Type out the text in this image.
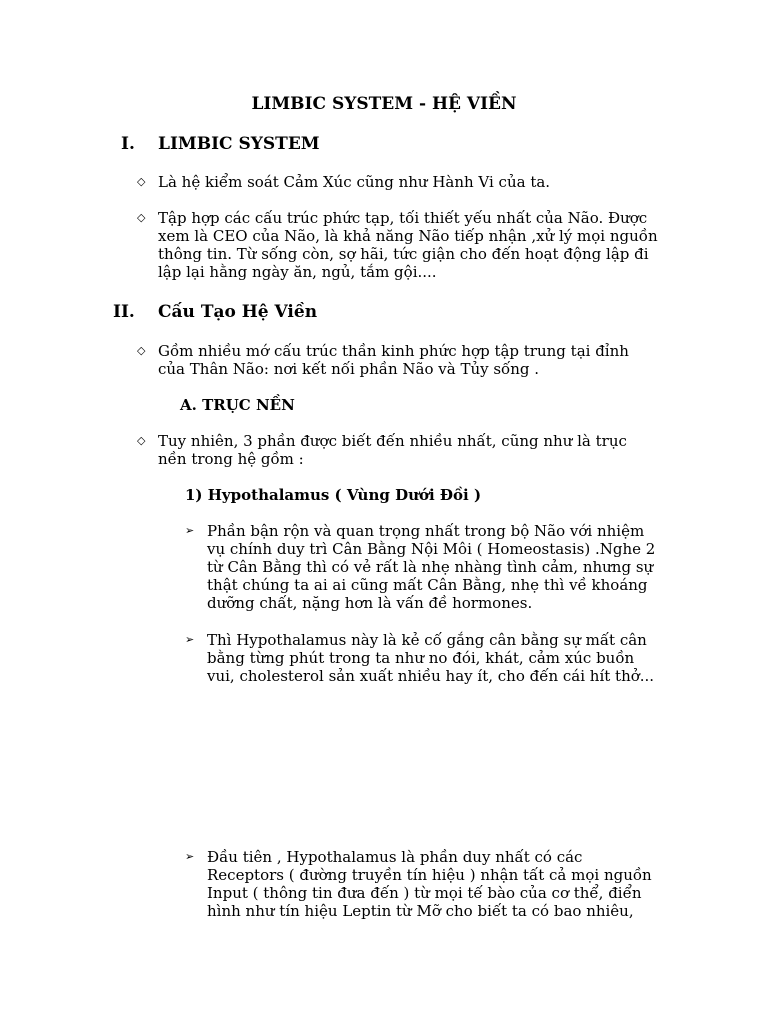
LIMBIC SYSTEM - HỆ VIỀN
I. LIMBIC SYSTEM
◇ Là hệ kiểm soát Cảm Xúc cũng như Hành Vi của ta.
◇ Tập hợp các cấu trúc phức tạp, tối thiết yếu nhất của Não. Được xem là CEO của Não, là khả năng Não tiếp nhận ,xử lý mọi nguồn thông tin. Từ sống còn, sợ hãi, tức giận cho đến hoạt động lập đi lập lại hằng ngày ăn, ngủ, tắm gội....
II. Cấu Tạo Hệ Viền
◇ Gồm nhiều mớ cấu trúc thần kinh phức hợp tập trung tại đỉnh của Thân Não: nơi kết nối phần Não và Tủy sống .
A. TRỤC NỀN
◇ Tuy nhiên, 3 phần được biết đến nhiều nhất, cũng như là trục nền trong hệ gồm :
1) Hypothalamus ( Vùng Dưới Đồi )
➢ Phần bận rộn và quan trọng nhất trong bộ Não với nhiệm vụ chính duy trì Cân Bằng Nội Môi ( Homeostasis) .Nghe 2 từ Cân Bằng thì có vẻ rất là nhẹ nhàng tình cảm, nhưng sự thật chúng ta ai ai cũng mất Cân Bằng, nhẹ thì về khoáng dưỡng chất, nặng hơn là vấn đề hormones.
➢ Thì Hypothalamus này là kẻ cố gắng cân bằng sự mất cân bằng từng phút trong ta như no đói, khát, cảm xúc buồn vui, cholesterol sản xuất nhiều hay ít, cho đến cái hít thở...
➢ Đầu tiên , Hypothalamus là phần duy nhất có các Receptors ( đường truyền tín hiệu ) nhận tất cả mọi nguồn Input ( thông tin đưa đến ) từ mọi tế bào của cơ thể, điển hình như tín hiệu Leptin từ Mỡ cho biết ta có bao nhiêu,
